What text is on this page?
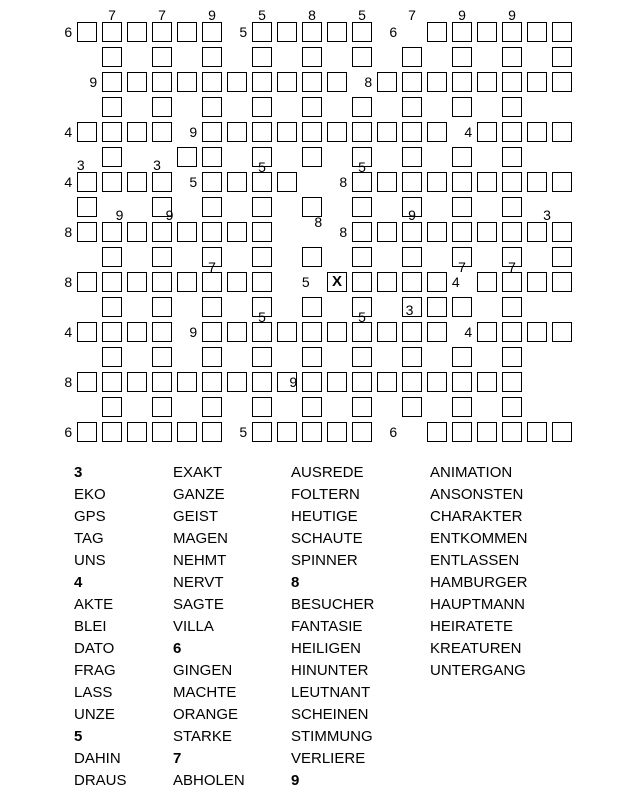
X
7	7	9	5	8	5	7	9	9
6	5	6
9	8
4	9	4
3	3
4
5	5
5	8
9	9	9	3
8
8
8
7	7	7
8	5	4
5	5	3
4	9	4
8	9
6	5	6
3
EKO
GPS
TAG
UNS
4
AKTE
BLEI
DATO
FRAG
LASS
UNZE
5
DAHIN
DRAUS
EXAKT
GANZE
GEIST
MAGEN
NEHMT
NERVT
SAGTE
VILLA
6
GINGEN
MACHTE
ORANGE
STARKE
7
ABHOLEN
AUSREDE
FOLTERN
HEUTIGE
SCHAUTE
SPINNER
8
BESUCHER
FANTASIE
HEILIGEN
HINUNTER
LEUTNANT
SCHEINEN
STIMMUNG
VERLIERE
9
ANIMATION
ANSONSTEN
CHARAKTER
ENTKOMMEN
ENTLASSEN
HAMBURGER
HAUPTMANN
HEIRATETE
KREATUREN
UNTERGANG
